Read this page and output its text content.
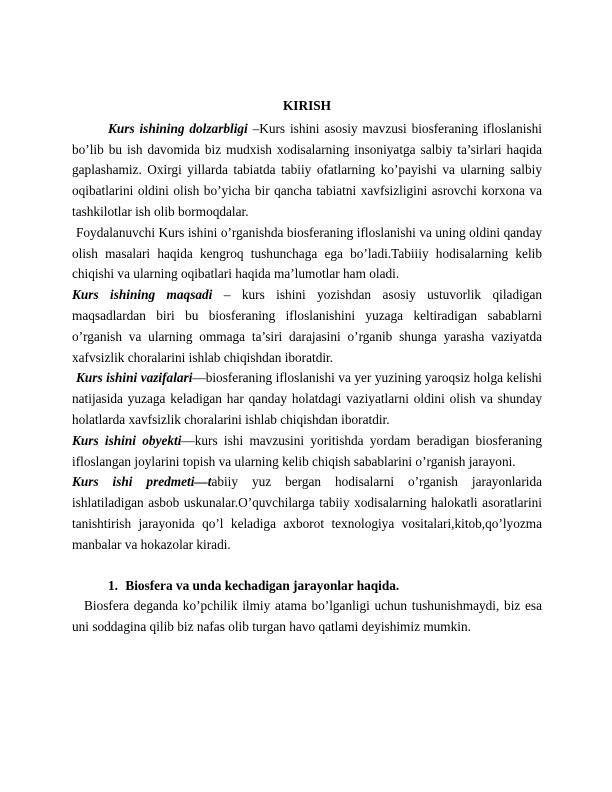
KIRISH

Kurs ishining dolzarbligi –Kurs ishini asosiy mavzusi biosferaning ifloslanishi bo’lib bu ish davomida biz mudxish xodisalarning insoniyatga salbiy ta’sirlari haqida gaplashamiz. Oxirgi yillarda tabiatda tabiiy ofatlarning ko’payishi va ularning salbiy oqibatlarini oldini olish bo’yicha bir qancha tabiatni xavfsizligini asrovchi korxona va tashkilotlar ish olib bormoqdalar.

Foydalanuvchi Kurs ishini o’rganishda biosferaning ifloslanishi va uning oldini qanday olish masalari haqida kengroq tushunchaga ega bo’ladi.Tabiiiy hodisalarning kelib chiqishi va ularning oqibatlari haqida ma’lumotlar ham oladi.

Kurs ishining maqsadi – kurs ishini yozishdan asosiy ustuvorlik qiladigan maqsadlardan biri bu biosferaning ifloslanishini yuzaga keltiradigan sabablarni o’rganish va ularning ommaga ta’siri darajasini o’rganib shunga yarasha vaziyatda xafvsizlik choralarini ishlab chiqishdan iboratdir.

Kurs ishini vazifalari—biosferaning ifloslanishi va yer yuzining yaroqsiz holga kelishi natijasida yuzaga keladigan har qanday holatdagi vaziyatlarni oldini olish va shunday holatlarda xavfsizlik choralarini ishlab chiqishdan iboratdir.

Kurs ishini obyekti—kurs ishi mavzusini yoritishda yordam beradigan biosferaning ifloslangan joylarini topish va ularning kelib chiqish sabablarini o’rganish jarayoni.

Kurs ishi predmeti—tabiiy yuz bergan hodisalarni o’rganish jarayonlarida ishlatiladigan asbob uskunalar.O’quvchilarga tabiiy xodisalarning halokatli asoratlarini tanishtirish jarayonida qo’l keladiga axborot texnologiya vositalari,kitob,qo’lyozma manbalar va hokazolar kiradi.

1. Biosfera va unda kechadigan jarayonlar haqida.

Biosfera deganda ko’pchilik ilmiy atama bo’lganligi uchun tushunishmaydi, biz esa uni soddagina qilib biz nafas olib turgan havo qatlami deyishimiz mumkin.
